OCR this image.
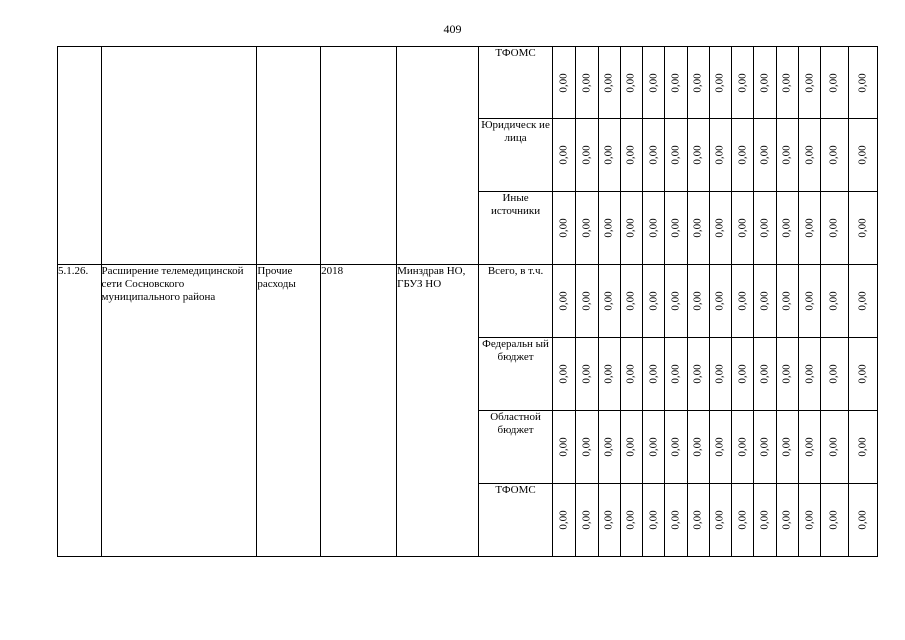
409
					ТФОМС	0,00	0,00	0,00	0,00	0,00	0,00	0,00	0,00	0,00	0,00	0,00	0,00	0,00	0,00

					Юридическ ие лица	0,00	0,00	0,00	0,00	0,00	0,00	0,00	0,00	0,00	0,00	0,00	0,00	0,00	0,00

					Иные источники	0,00	0,00	0,00	0,00	0,00	0,00	0,00	0,00	0,00	0,00	0,00	0,00	0,00	0,00

5.1.26.	Расширение телемедицинской сети Сосновского муниципального района	Прочие расходы	2018	Минздрав НО, ГБУЗ НО	Всего, в т.ч.	0,00	0,00	0,00	0,00	0,00	0,00	0,00	0,00	0,00	0,00	0,00	0,00	0,00	0,00

					Федеральн ый бюджет	0,00	0,00	0,00	0,00	0,00	0,00	0,00	0,00	0,00	0,00	0,00	0,00	0,00	0,00

					Областной бюджет	0,00	0,00	0,00	0,00	0,00	0,00	0,00	0,00	0,00	0,00	0,00	0,00	0,00	0,00

					ТФОМС	0,00	0,00	0,00	0,00	0,00	0,00	0,00	0,00	0,00	0,00	0,00	0,00	0,00	0,00
